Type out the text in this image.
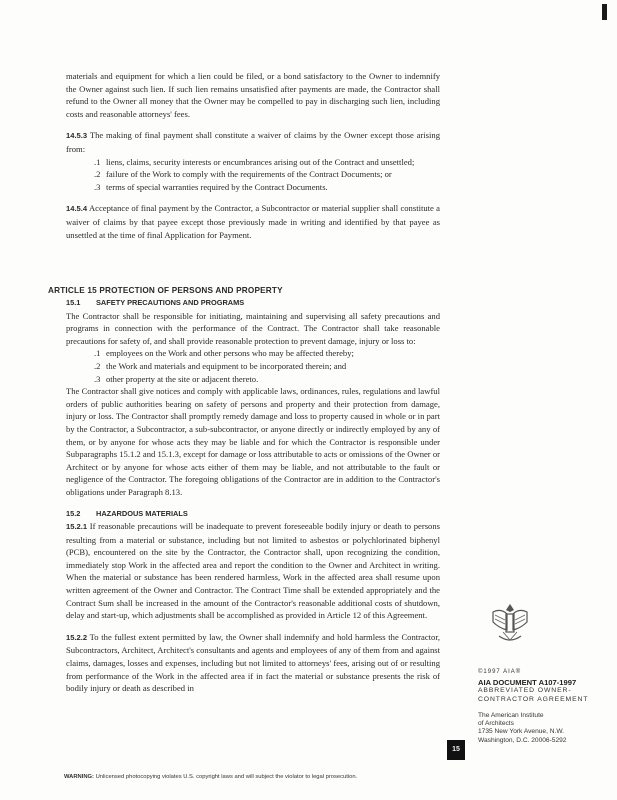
materials and equipment for which a lien could be filed, or a bond satisfactory to the Owner to indemnify the Owner against such lien. If such lien remains unsatisfied after payments are made, the Contractor shall refund to the Owner all money that the Owner may be compelled to pay in discharging such lien, including costs and reasonable attorneys' fees.

14.5.3 The making of final payment shall constitute a waiver of claims by the Owner except those arising from:

.1 liens, claims, security interests or encumbrances arising out of the Contract and unsettled;
.2 failure of the Work to comply with the requirements of the Contract Documents; or
.3 terms of special warranties required by the Contract Documents.

14.5.4 Acceptance of final payment by the Contractor, a Subcontractor or material supplier shall constitute a waiver of claims by that payee except those previously made in writing and identified by that payee as unsettled at the time of final Application for Payment.

ARTICLE 15 PROTECTION OF PERSONS AND PROPERTY
15.1 SAFETY PRECAUTIONS AND PROGRAMS

The Contractor shall be responsible for initiating, maintaining and supervising all safety precautions and programs in connection with the performance of the Contract. The Contractor shall take reasonable precautions for safety of, and shall provide reasonable protection to prevent damage, injury or loss to:

.1 employees on the Work and other persons who may be affected thereby;
.2 the Work and materials and equipment to be incorporated therein; and
.3 other property at the site or adjacent thereto.

The Contractor shall give notices and comply with applicable laws, ordinances, rules, regulations and lawful orders of public authorities bearing on safety of persons and property and their protection from damage, injury or loss. The Contractor shall promptly remedy damage and loss to property caused in whole or in part by the Contractor, a Subcontractor, a sub-subcontractor, or anyone directly or indirectly employed by any of them, or by anyone for whose acts they may be liable and for which the Contractor is responsible under Subparagraphs 15.1.2 and 15.1.3, except for damage or loss attributable to acts or omissions of the Owner or Architect or by anyone for whose acts either of them may be liable, and not attributable to the fault or negligence of the Contractor. The foregoing obligations of the Contractor are in addition to the Contractor's obligations under Paragraph 8.13.

15.2 HAZARDOUS MATERIALS

15.2.1 If reasonable precautions will be inadequate to prevent foreseeable bodily injury or death to persons resulting from a material or substance, including but not limited to asbestos or polychlorinated biphenyl (PCB), encountered on the site by the Contractor, the Contractor shall, upon recognizing the condition, immediately stop Work in the affected area and report the condition to the Owner and Architect in writing. When the material or substance has been rendered harmless, Work in the affected area shall resume upon written agreement of the Owner and Contractor. The Contract Time shall be extended appropriately and the Contract Sum shall be increased in the amount of the Contractor's reasonable additional costs of shutdown, delay and start-up, which adjustments shall be accomplished as provided in Article 12 of this Agreement.

15.2.2 To the fullest extent permitted by law, the Owner shall indemnify and hold harmless the Contractor, Subcontractors, Architect, Architect's consultants and agents and employees of any of them from and against claims, damages, losses and expenses, including but not limited to attorneys' fees, arising out of or resulting from performance of the Work in the affected area if in fact the material or substance presents the risk of bodily injury or death as described in

©1997 AIA®
AIA DOCUMENT A107-1997
ABBREVIATED OWNER-
CONTRACTOR AGREEMENT
The American Institute
of Architects
1735 New York Avenue, N.W.
Washington, D.C. 20006-5292
15
WARNING: Unlicensed photocopying violates U.S. copyright laws and will subject the violator to legal prosecution.
